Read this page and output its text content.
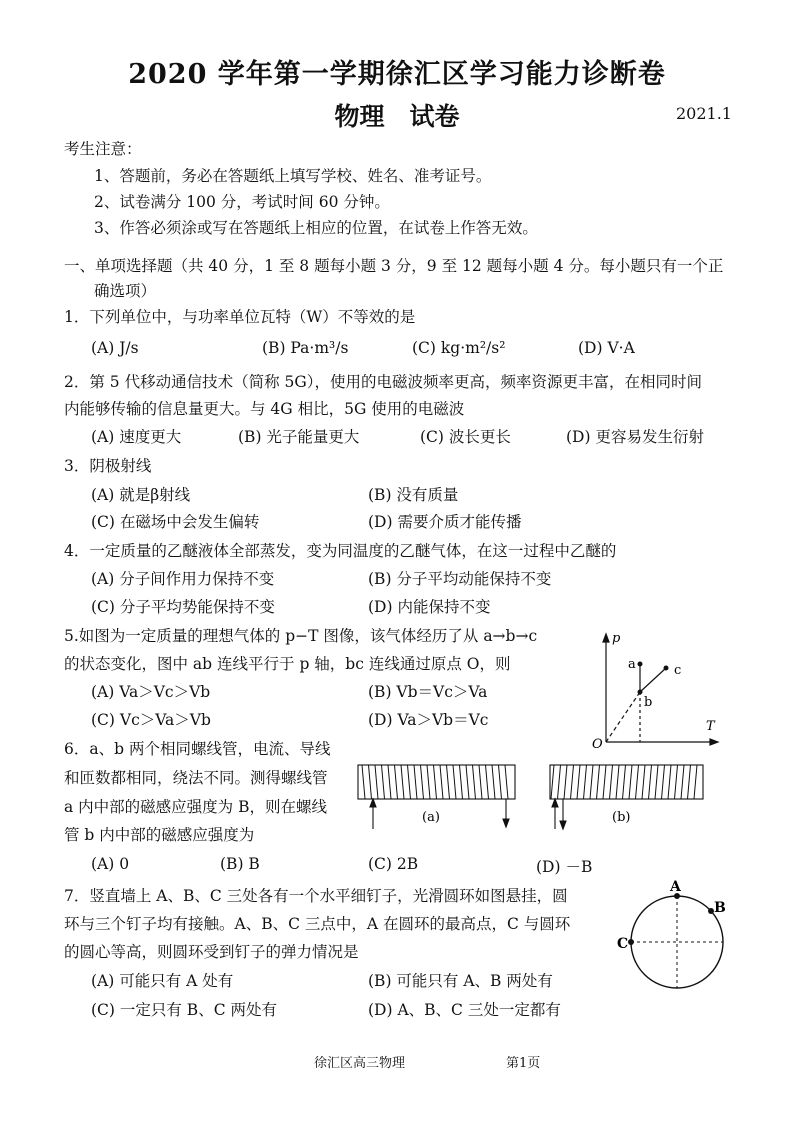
2020 学年第一学期徐汇区学习能力诊断卷
物理　试卷	2021.1
考生注意：
1、答题前，务必在答题纸上填写学校、姓名、准考证号。
2、试卷满分 100 分，考试时间 60 分钟。
3、作答必须涂或写在答题纸上相应的位置，在试卷上作答无效。
一、单项选择题（共 40 分，1 至 8 题每小题 3 分，9 至 12 题每小题 4 分。每小题只有一个正
确选项）
1．下列单位中，与功率单位瓦特（W）不等效的是
(A) J/s	(B) Pa·m³/s	(C) kg·m²/s²	(D) V·A
2．第 5 代移动通信技术（简称 5G），使用的电磁波频率更高，频率资源更丰富，在相同时间
内能够传输的信息量更大。与 4G 相比，5G 使用的电磁波
(A) 速度更大	(B) 光子能量更大	(C) 波长更长	(D) 更容易发生衍射
3．阴极射线
(A) 就是β射线	(B) 没有质量
(C) 在磁场中会发生偏转	(D) 需要介质才能传播
4．一定质量的乙醚液体全部蒸发，变为同温度的乙醚气体，在这一过程中乙醚的
(A) 分子间作用力保持不变	(B) 分子平均动能保持不变
(C) 分子平均势能保持不变	(D) 内能保持不变
5.如图为一定质量的理想气体的 p−T 图像，该气体经历了从 a→b→c
的状态变化，图中 ab 连线平行于 p 轴，bc 连线通过原点 O，则
(A) Va＞Vc＞Vb	(B) Vb＝Vc＞Va
(C) Vc＞Va＞Vb	(D) Va＞Vb＝Vc
p
T
O
a
b
c
6．a、b 两个相同螺线管，电流、导线
和匝数都相同，绕法不同。测得螺线管
a 内中部的磁感应强度为 B，则在螺线
管 b 内中部的磁感应强度为
(A) 0	(B) B	(C) 2B	(D) －B
(a)	(b)
7．竖直墙上 A、B、C 三处各有一个水平细钉子，光滑圆环如图悬挂，圆
环与三个钉子均有接触。A、B、C 三点中，A 在圆环的最高点，C 与圆环
的圆心等高，则圆环受到钉子的弹力情况是
(A) 可能只有 A 处有	(B) 可能只有 A、B 两处有
(C) 一定只有 B、C 两处有	(D) A、B、C 三处一定都有
A
B
C
徐汇区高三物理	第1页
